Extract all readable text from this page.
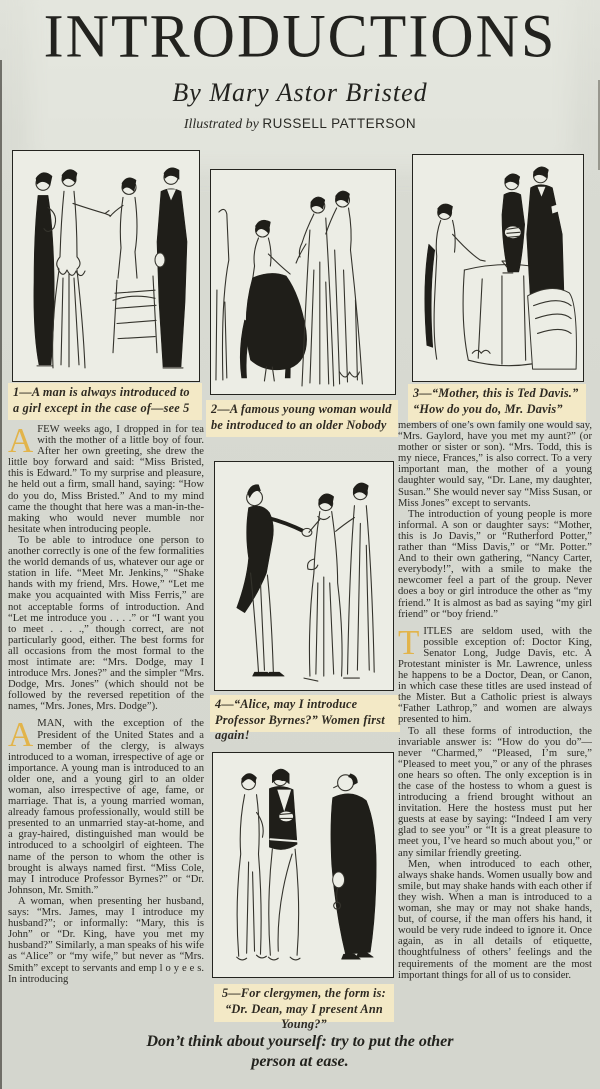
INTRODUCTIONS
By Mary Astor Bristed
Illustrated by RUSSELL PATTERSON
1—A man is always introduced to a girl except in the case of—see 5	2—A famous young woman would be introduced to an older Nobody
3—“Mother, this is Ted Davis.” “How do you do, Mr. Davis”

AFEW weeks ago, I dropped in for tea with the mother of a little boy of four. After her own greeting, she drew the little boy forward and said: “Miss Bristed, this is Edward.” To my surprise and pleasure, he held out a firm, small hand, saying: “How do you do, Miss Bristed.” And to my mind came the thought that here was a man-in-the-making who would never mumble nor hesitate when introducing people.

To be able to introduce one person to another correctly is one of the few formalities the world demands of us, whatever our age or station in life. “Meet Mr. Jenkins,” “Shake hands with my friend, Mrs. Howe,” “Let me make you acquainted with Miss Ferris,” are not acceptable forms of introduction. And “Let me introduce you . . . .” or “I want you to meet . . . .,” though correct, are not particularly good, either. The best forms for all occasions from the most formal to the most intimate are: “Mrs. Dodge, may I introduce Mrs. Jones?” and the simpler “Mrs. Dodge, Mrs. Jones” (which should not be followed by the reversed repetition of the names, “Mrs. Jones, Mrs. Dodge”).

AMAN, with the exception of the President of the United States and a member of the clergy, is always introduced to a woman, irrespective of age or importance. A young man is introduced to an older one, and a young girl to an older woman, also irrespective of age, fame, or marriage. That is, a young married woman, already famous professionally, would still be presented to an unmarried stay-at-home, and a gray-haired, distinguished man would be introduced to a schoolgirl of eighteen. The name of the person to whom the other is brought is always named first. “Miss Cole, may I introduce Professor Byrnes?” or “Dr. Johnson, Mr. Smith.”

A woman, when presenting her husband, says: “Mrs. James, may I introduce my husband?”; or informally: “Mary, this is John” or “Dr. King, have you met my husband?” Similarly, a man speaks of his wife as “Alice” or “my wife,” but never as “Mrs. Smith” except to servants and emp l o y e e s. In introducing

4—“Alice, may I introduce Professor Byrnes?” Women first again!
5—For clergymen, the form is: “Dr. Dean, may I present Ann Young?”

members of one’s own family one would say, “Mrs. Gaylord, have you met my aunt?” (or mother or sister or son). “Mrs. Todd, this is my niece, Frances,” is also correct. To a very important man, the mother of a young daughter would say, “Dr. Lane, my daughter, Susan.” She would never say “Miss Susan, or Miss Jones” except to servants.

The introduction of young people is more informal. A son or daughter says: “Mother, this is Jo Davis,” or “Rutherford Potter,” rather than “Miss Davis,” or “Mr. Potter.” And to their own gathering, “Nancy Carter, everybody!”, with a smile to make the newcomer feel a part of the group. Never does a boy or girl introduce the other as “my friend.” It is almost as bad as saying “my girl friend” or “boy friend.”

TITLES are seldom used, with the possible exception of: Doctor King, Senator Long, Judge Davis, etc. A Protestant minister is Mr. Lawrence, unless he happens to be a Doctor, Dean, or Canon, in which case these titles are used instead of the Mister. But a Catholic priest is always “Father Lathrop,” and women are always presented to him.

To all these forms of introduction, the invariable answer is: “How do you do”—never “Charmed,” “Pleased, I’m sure,” “Pleased to meet you,” or any of the phrases one hears so often. The only exception is in the case of the hostess to whom a guest is introducing a friend brought without an invitation. Here the hostess must put her guests at ease by saying: “Indeed I am very glad to see you” or “It is a great pleasure to meet you, I’ve heard so much about you,” or any similar friendly greeting.

Men, when introduced to each other, always shake hands. Women usually bow and smile, but may shake hands with each other if they wish. When a man is introduced to a woman, she may or may not shake hands, but, of course, if the man offers his hand, it would be very rude indeed to ignore it. Once again, as in all details of etiquette, thoughtfulness of others’ feelings and the requirements of the moment are the most important things for all of us to consider.

Don’t think about yourself: try to put the other person at ease.
